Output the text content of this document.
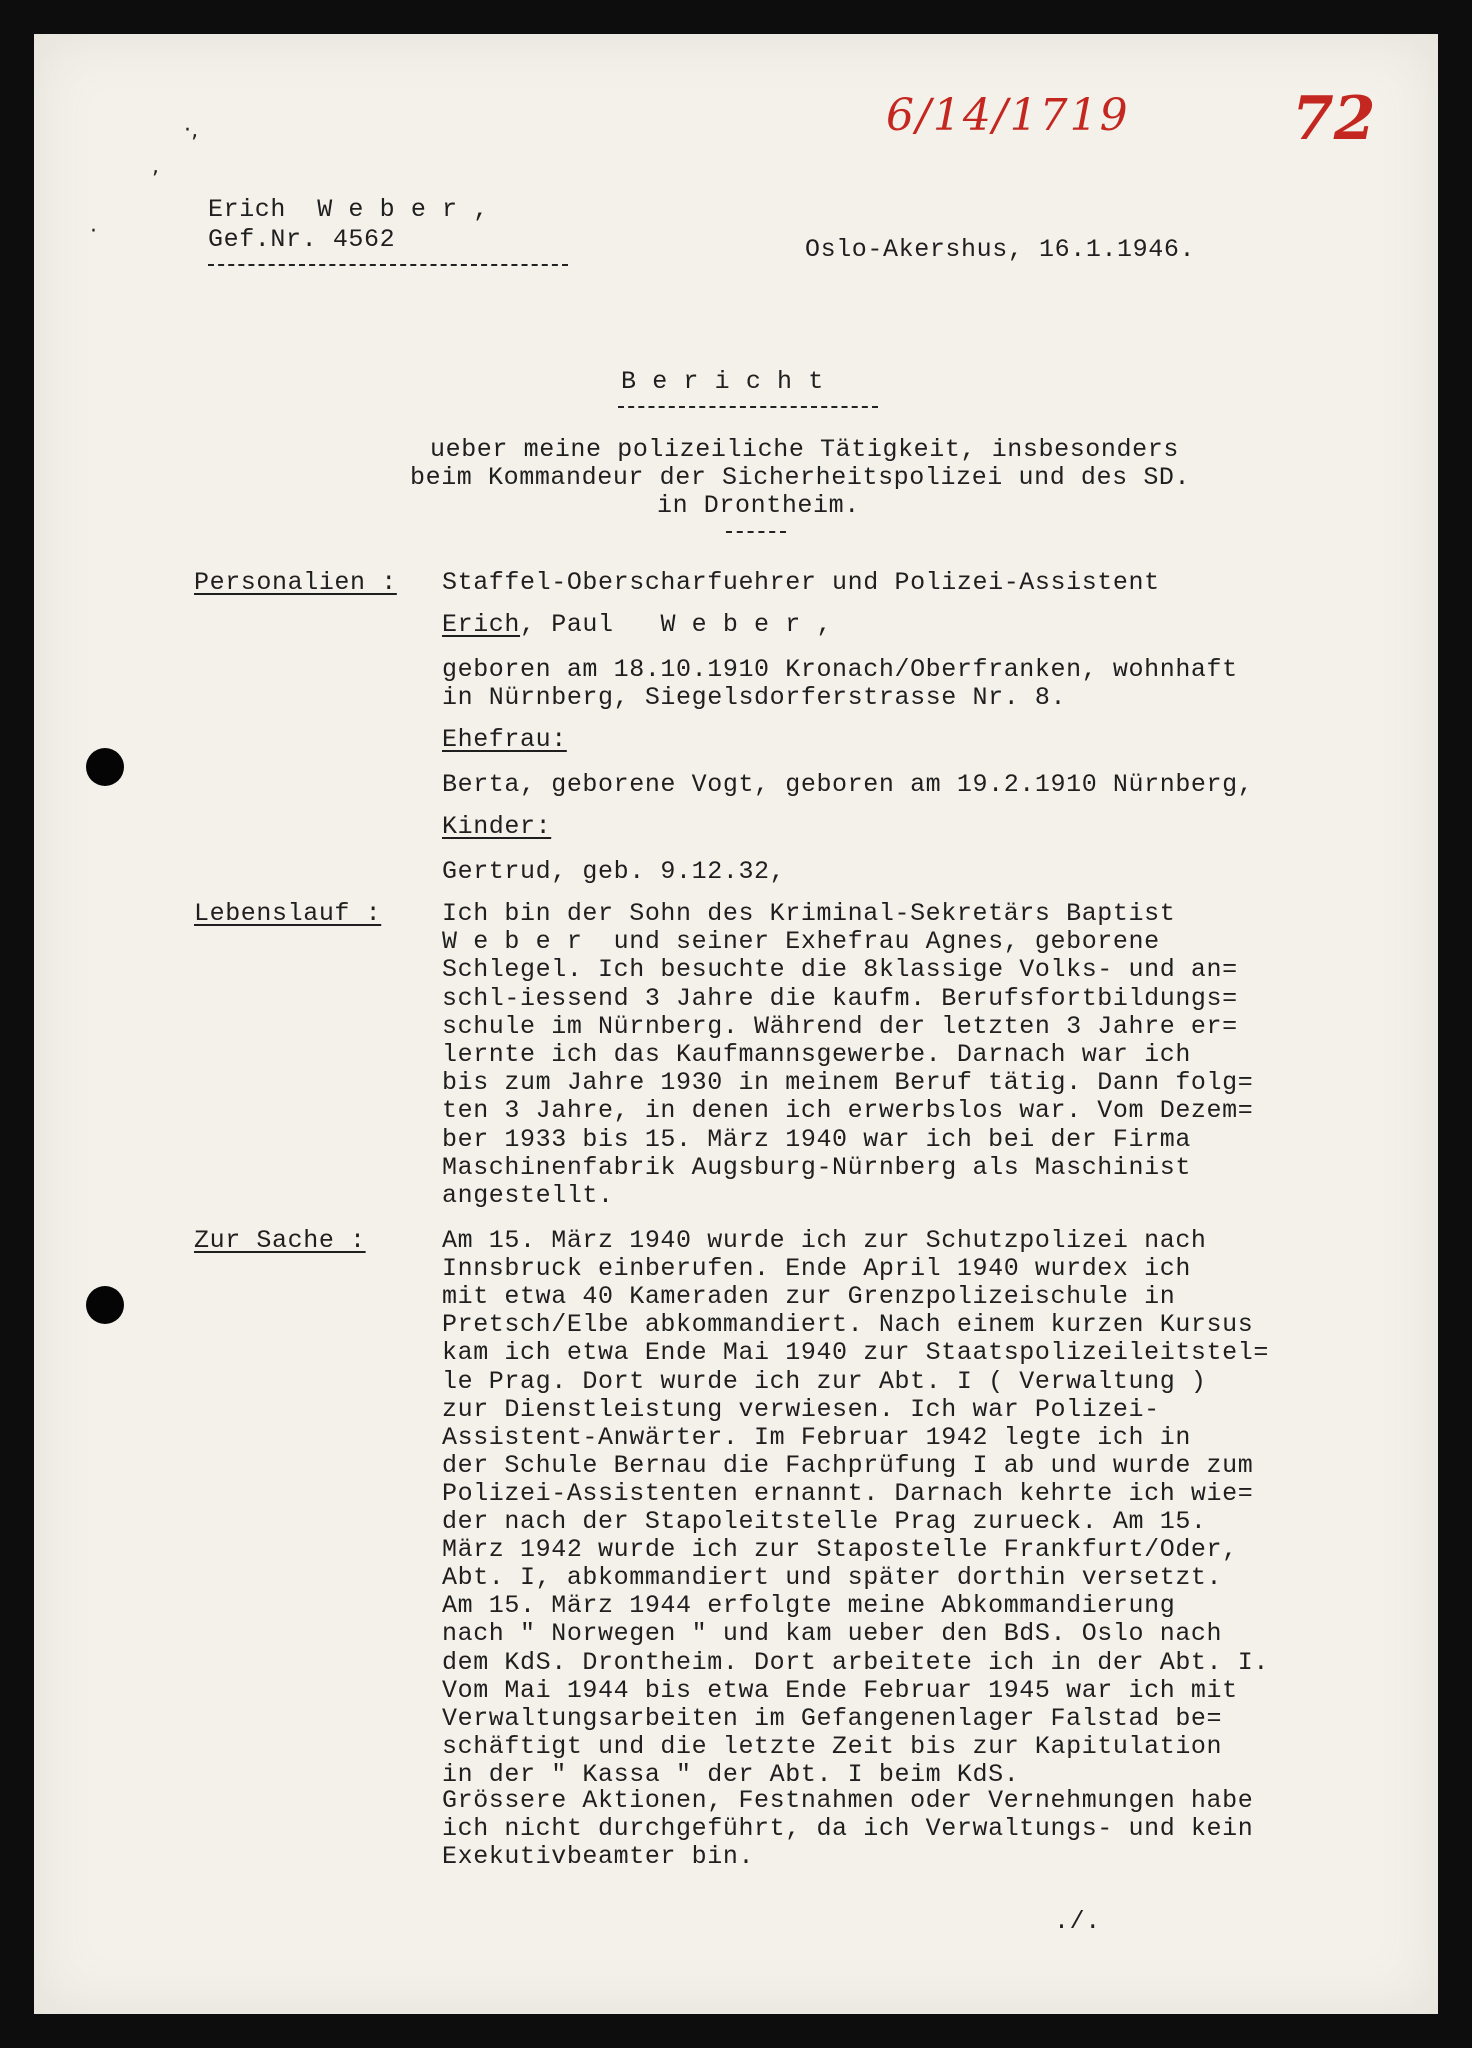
6/14/1719	72
·‚
,
·
Erich  W e b e r ,
Gef.Nr. 4562	Oslo-Akershus, 16.1.1946.
B e r i c h t
ueber meine polizeiliche Tätigkeit, insbesonders
beim Kommandeur der Sicherheitspolizei und des SD.
in Drontheim.
Personalien : Staffel-Oberscharfuehrer und Polizei-Assistent
Erich, Paul   W e b e r ,
geboren am 18.10.1910 Kronach/Oberfranken, wohnhaft
in Nürnberg, Siegelsdorferstrasse Nr. 8.
Ehefrau:
Berta, geborene Vogt, geboren am 19.2.1910 Nürnberg,
Kinder:
Gertrud, geb. 9.12.32,
Lebenslauf : Ich bin der Sohn des Kriminal-Sekretärs Baptist
W e b e r  und seiner Exhefrau Agnes, geborene
Schlegel. Ich besuchte die 8klassige Volks- und an=
schl-iessend 3 Jahre die kaufm. Berufsfortbildungs=
schule im Nürnberg. Während der letzten 3 Jahre er=
lernte ich das Kaufmannsgewerbe. Darnach war ich
bis zum Jahre 1930 in meinem Beruf tätig. Dann folg=
ten 3 Jahre, in denen ich erwerbslos war. Vom Dezem=
ber 1933 bis 15. März 1940 war ich bei der Firma
Maschinenfabrik Augsburg-Nürnberg als Maschinist
angestellt.
Zur Sache :	Am 15. März 1940 wurde ich zur Schutzpolizei nach
Innsbruck einberufen. Ende April 1940 wurdex ich
mit etwa 40 Kameraden zur Grenzpolizeischule in
Pretsch/Elbe abkommandiert. Nach einem kurzen Kursus
kam ich etwa Ende Mai 1940 zur Staatspolizeileitstel=
le Prag. Dort wurde ich zur Abt. I ( Verwaltung )
zur Dienstleistung verwiesen. Ich war Polizei-
Assistent-Anwärter. Im Februar 1942 legte ich in
der Schule Bernau die Fachprüfung I ab und wurde zum
Polizei-Assistenten ernannt. Darnach kehrte ich wie=
der nach der Stapoleitstelle Prag zurueck. Am 15.
März 1942 wurde ich zur Stapostelle Frankfurt/Oder,
Abt. I, abkommandiert und später dorthin versetzt.
Am 15. März 1944 erfolgte meine Abkommandierung
nach " Norwegen " und kam ueber den BdS. Oslo nach
dem KdS. Drontheim. Dort arbeitete ich in der Abt. I.
Vom Mai 1944 bis etwa Ende Februar 1945 war ich mit
Verwaltungsarbeiten im Gefangenenlager Falstad be=
schäftigt und die letzte Zeit bis zur Kapitulation
in der " Kassa " der Abt. I beim KdS.
Grössere Aktionen, Festnahmen oder Vernehmungen habe
ich nicht durchgeführt, da ich Verwaltungs- und kein
Exekutivbeamter bin.
./.
